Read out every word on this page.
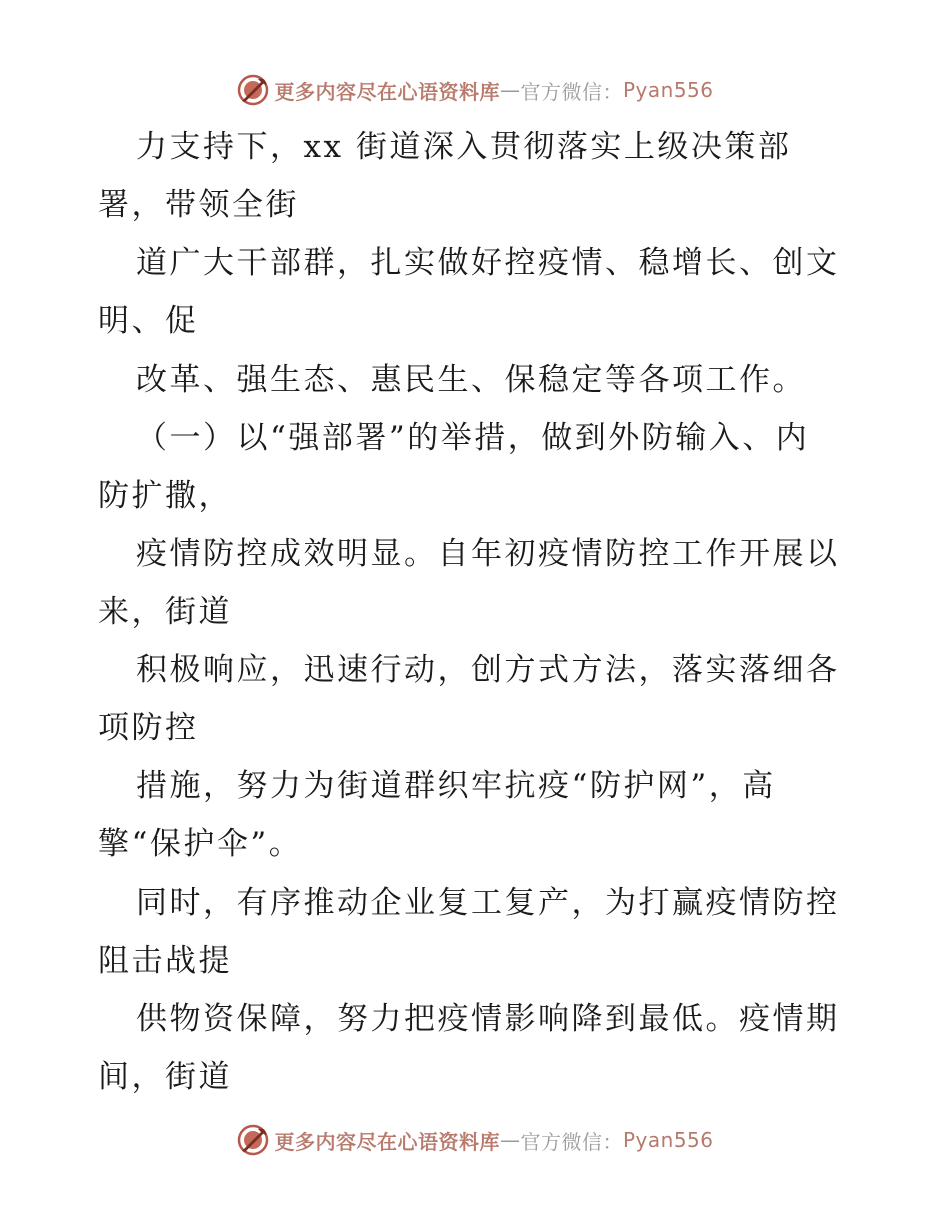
更多内容尽在心语资料库 — 官方微信： Pyan556
力支持下，xx 街道深入贯彻落实上级决策部
署，带领全街
道广大干部群，扎实做好控疫情、稳增长、创文
明、促
改革、强生态、惠民生、保稳定等各项工作。
（一）以“强部署”的举措，做到外防输入、内
防扩撒，
疫情防控成效明显。自年初疫情防控工作开展以
来，街道
积极响应，迅速行动，创方式方法，落实落细各
项防控
措施，努力为街道群织牢抗疫“防护网”，高
擎“保护伞”。
同时，有序推动企业复工复产，为打赢疫情防控
阻击战提
供物资保障，努力把疫情影响降到最低。疫情期
间，街道
更多内容尽在心语资料库 — 官方微信： Pyan556
